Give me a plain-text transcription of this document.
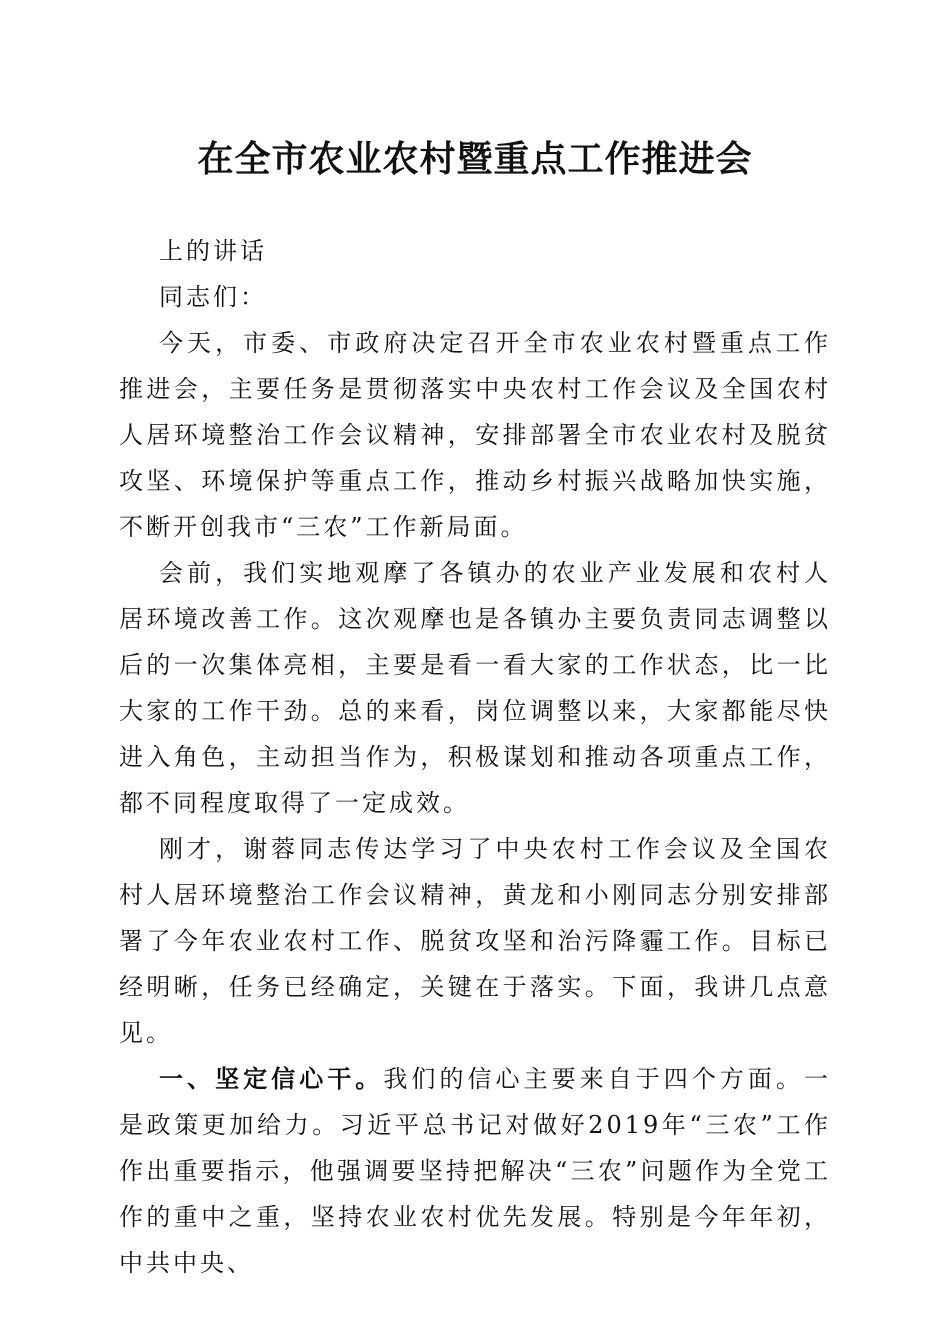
在全市农业农村暨重点工作推进会

上的讲话

同志们：

今天，市委、市政府决定召开全市农业农村暨重点工作推进会，主要任务是贯彻落实中央农村工作会议及全国农村人居环境整治工作会议精神，安排部署全市农业农村及脱贫攻坚、环境保护等重点工作，推动乡村振兴战略加快实施，不断开创我市“三农”工作新局面。

会前，我们实地观摩了各镇办的农业产业发展和农村人居环境改善工作。这次观摩也是各镇办主要负责同志调整以后的一次集体亮相，主要是看一看大家的工作状态，比一比大家的工作干劲。总的来看，岗位调整以来，大家都能尽快进入角色，主动担当作为，积极谋划和推动各项重点工作，都不同程度取得了一定成效。

刚才，谢蓉同志传达学习了中央农村工作会议及全国农村人居环境整治工作会议精神，黄龙和小刚同志分别安排部署了今年农业农村工作、脱贫攻坚和治污降霾工作。目标已经明晰，任务已经确定，关键在于落实。下面，我讲几点意见。

一、坚定信心干。我们的信心主要来自于四个方面。一是政策更加给力。习近平总书记对做好2019年“三农”工作作出重要指示，他强调要坚持把解决“三农”问题作为全党工作的重中之重，坚持农业农村优先发展。特别是今年年初，中共中央、
